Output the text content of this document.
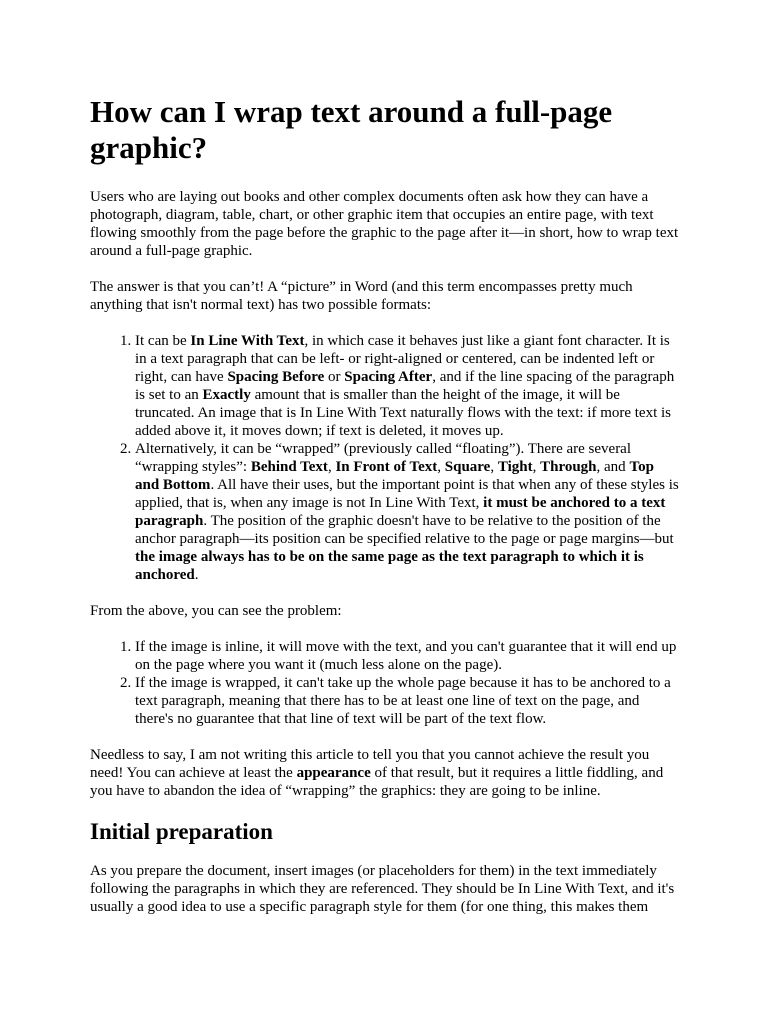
How can I wrap text around a full-page graphic?

Users who are laying out books and other complex documents often ask how they can have a photograph, diagram, table, chart, or other graphic item that occupies an entire page, with text flowing smoothly from the page before the graphic to the page after it—in short, how to wrap text around a full-page graphic.

The answer is that you can’t! A “picture” in Word (and this term encompasses pretty much anything that isn't normal text) has two possible formats:

1. It can be In Line With Text, in which case it behaves just like a giant font character. It is in a text paragraph that can be left- or right-aligned or centered, can be indented left or right, can have Spacing Before or Spacing After, and if the line spacing of the paragraph is set to an Exactly amount that is smaller than the height of the image, it will be truncated. An image that is In Line With Text naturally flows with the text: if more text is added above it, it moves down; if text is deleted, it moves up.
2. Alternatively, it can be “wrapped” (previously called “floating”). There are several “wrapping styles”: Behind Text, In Front of Text, Square, Tight, Through, and Top and Bottom. All have their uses, but the important point is that when any of these styles is applied, that is, when any image is not In Line With Text, it must be anchored to a text paragraph. The position of the graphic doesn't have to be relative to the position of the anchor paragraph—its position can be specified relative to the page or page margins—but the image always has to be on the same page as the text paragraph to which it is anchored.

From the above, you can see the problem:

1. If the image is inline, it will move with the text, and you can't guarantee that it will end up on the page where you want it (much less alone on the page).
2. If the image is wrapped, it can't take up the whole page because it has to be anchored to a text paragraph, meaning that there has to be at least one line of text on the page, and there's no guarantee that that line of text will be part of the text flow.

Needless to say, I am not writing this article to tell you that you cannot achieve the result you need! You can achieve at least the appearance of that result, but it requires a little fiddling, and you have to abandon the idea of “wrapping” the graphics: they are going to be inline.

Initial preparation

As you prepare the document, insert images (or placeholders for them) in the text immediately following the paragraphs in which they are referenced. They should be In Line With Text, and it's usually a good idea to use a specific paragraph style for them (for one thing, this makes them
